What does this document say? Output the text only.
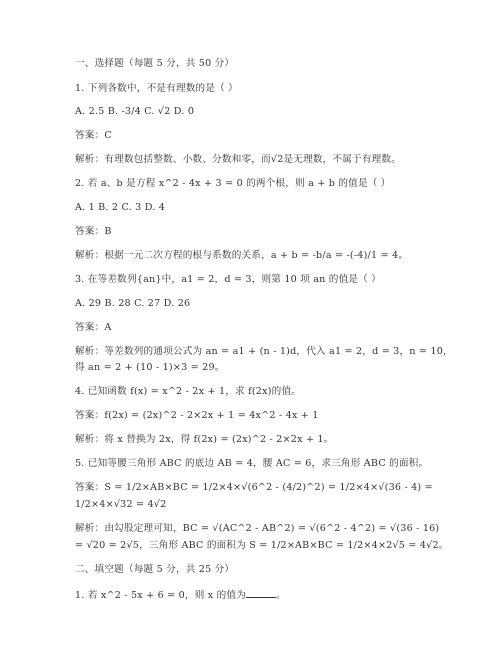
一、选择题（每题 5 分，共 50 分）
1. 下列各数中，不是有理数的是（ ）
A. 2.5 B. -3/4 C. √2 D. 0
答案：C
解析：有理数包括整数、小数、分数和零，而√2是无理数，不属于有理数。
2. 若 a、b 是方程 x^2 - 4x + 3 = 0 的两个根，则 a + b 的值是（ ）
A. 1 B. 2 C. 3 D. 4
答案：B
解析：根据一元二次方程的根与系数的关系，a + b = -b/a = -(-4)/1 = 4。
3. 在等差数列{an}中，a1 = 2，d = 3，则第 10 项 an 的值是（ ）
A. 29 B. 28 C. 27 D. 26
答案：A
解析：等差数列的通项公式为 an = a1 + (n - 1)d，代入 a1 = 2，d = 3，n = 10，
得 an = 2 + (10 - 1)×3 = 29。
4. 已知函数 f(x) = x^2 - 2x + 1，求 f(2x)的值。
答案：f(2x) = (2x)^2 - 2×2x + 1 = 4x^2 - 4x + 1
解析：将 x 替换为 2x，得 f(2x) = (2x)^2 - 2×2x + 1。
5. 已知等腰三角形 ABC 的底边 AB = 4，腰 AC = 6，求三角形 ABC 的面积。
答案：S = 1/2×AB×BC = 1/2×4×√(6^2 - (4/2)^2) = 1/2×4×√(36 - 4) =
1/2×4×√32 = 4√2
解析：由勾股定理可知，BC = √(AC^2 - AB^2) = √(6^2 - 4^2) = √(36 - 16)
= √20 = 2√5，三角形 ABC 的面积为 S = 1/2×AB×BC = 1/2×4×2√5 = 4√2。
二、填空题（每题 5 分，共 25 分）
1. 若 x^2 - 5x + 6 = 0，则 x 的值为	。
